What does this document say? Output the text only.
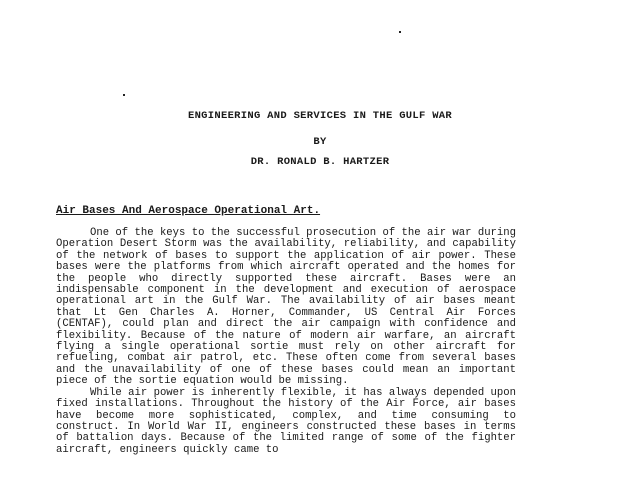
ENGINEERING AND SERVICES IN THE GULF WAR
BY
DR. RONALD B. HARTZER
Air Bases And Aerospace Operational Art.

One of the keys to the successful prosecution of the air war during Operation Desert Storm was the availability, reliability, and capability of the network of bases to support the application of air power. These bases were the platforms from which aircraft operated and the homes for the people who directly supported these aircraft. Bases were an indispensable component in the development and execution of aerospace operational art in the Gulf War. The availability of air bases meant that Lt Gen Charles A. Horner, Commander, US Central Air Forces (CENTAF), could plan and direct the air campaign with confidence and flexibility. Because of the nature of modern air warfare, an aircraft flying a single operational sortie must rely on other aircraft for refueling, combat air patrol, etc. These often come from several bases and the unavailability of one of these bases could mean an important piece of the sortie equation would be missing.

While air power is inherently flexible, it has always depended upon fixed installations. Throughout the history of the Air Force, air bases have become more sophisticated, complex, and time consuming to construct. In World War II, engineers constructed these bases in terms of battalion days. Because of the limited range of some of the fighter aircraft, engineers quickly came to
